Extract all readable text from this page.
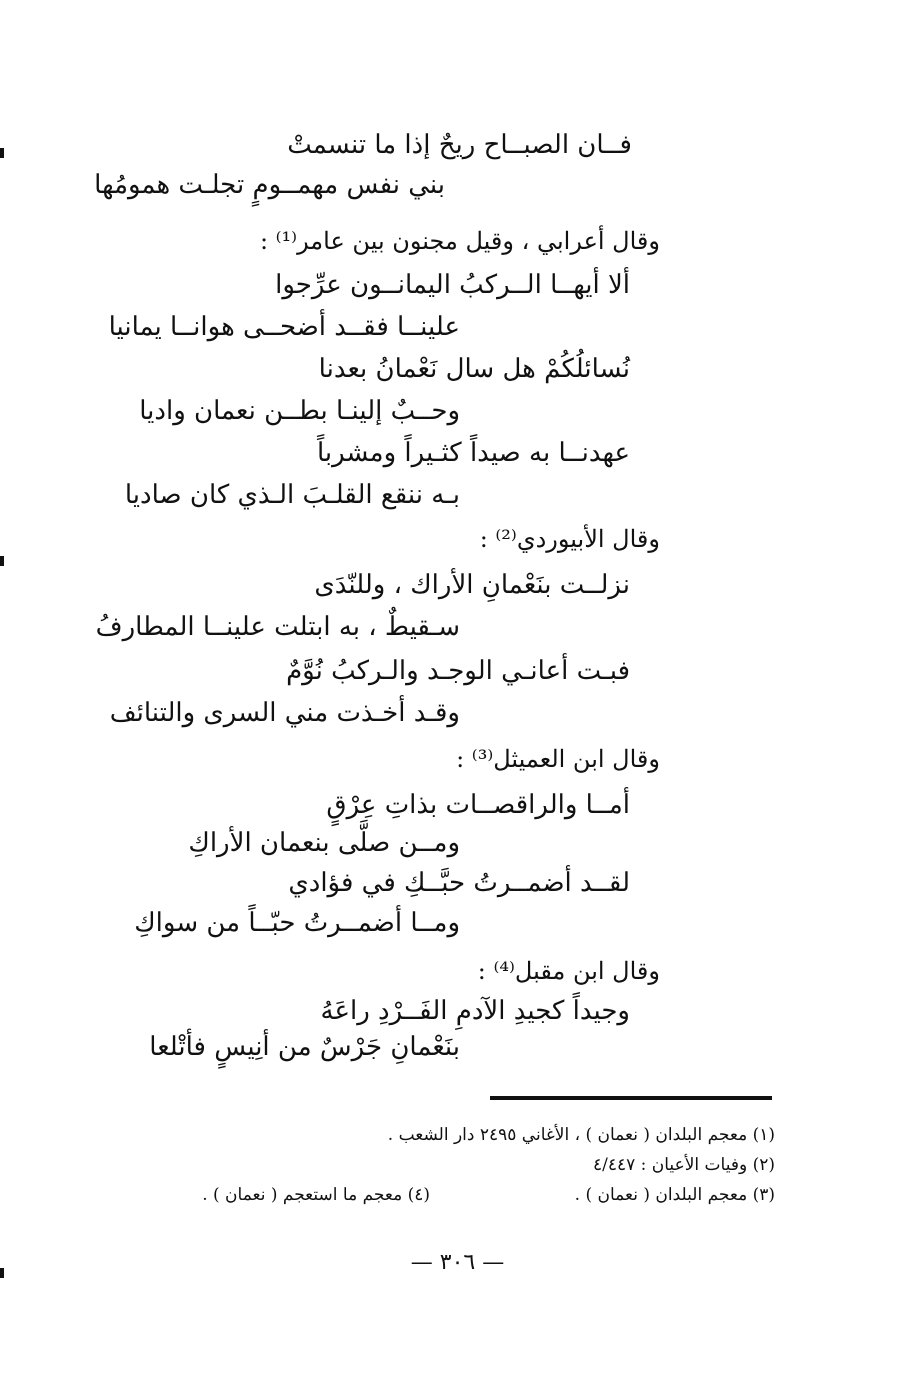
فــان الصبــاح ريحٌ إذا ما تنسمتْ
بني نفس مهمــومٍ تجلـت همومُها
وقال أعرابي ، وقيل مجنون بين عامر⁽¹⁾ :
ألا أيهــا الــركبُ اليمانــون عرِّجوا
علينــا فقــد أضحــى هوانــا يمانيا
نُسائلُكُمْ هل سال نَعْمانُ بعدنا
وحــبٌ إلينـا بطــن نعمان واديا
عهدنــا به صيداً كثـيراً ومشرباً
بـه ننقع القلـبَ الـذي كان صاديا
وقال الأبيوردي⁽²⁾ :
نزلــت بنَعْمانِ الأراك ، وللنّدَى
سـقيطٌ ، به ابتلت علينــا المطارفُ
فبـت أعانـي الوجـد والـركبُ نُوَّمٌ
وقـد أخـذت مني السرى والتنائف
وقال ابن العميثل⁽³⁾ :
أمــا والراقصــات بذاتِ عِرْقٍ
ومــن صلَّى بنعمان الأراكِ
لقــد أضمــرتُ حبَّــكِ في فؤادي
ومــا أضمــرتُ حبّــاً من سواكِ
وقال ابن مقبل⁽⁴⁾ :
وجيداً كجيدِ الآدمِ الفَــرْدِ راعَهُ
بنَعْمانِ جَرْسٌ من أنِيسٍ فأتْلعا
(١) معجم البلدان ( نعمان ) ، الأغاني ٢٤٩٥ دار الشعب .
(٢) وفيات الأعيان : ٤/٤٤٧
(٣) معجم البلدان ( نعمان ) .
(٤) معجم ما استعجم ( نعمان ) .
— ٣٠٦ —
